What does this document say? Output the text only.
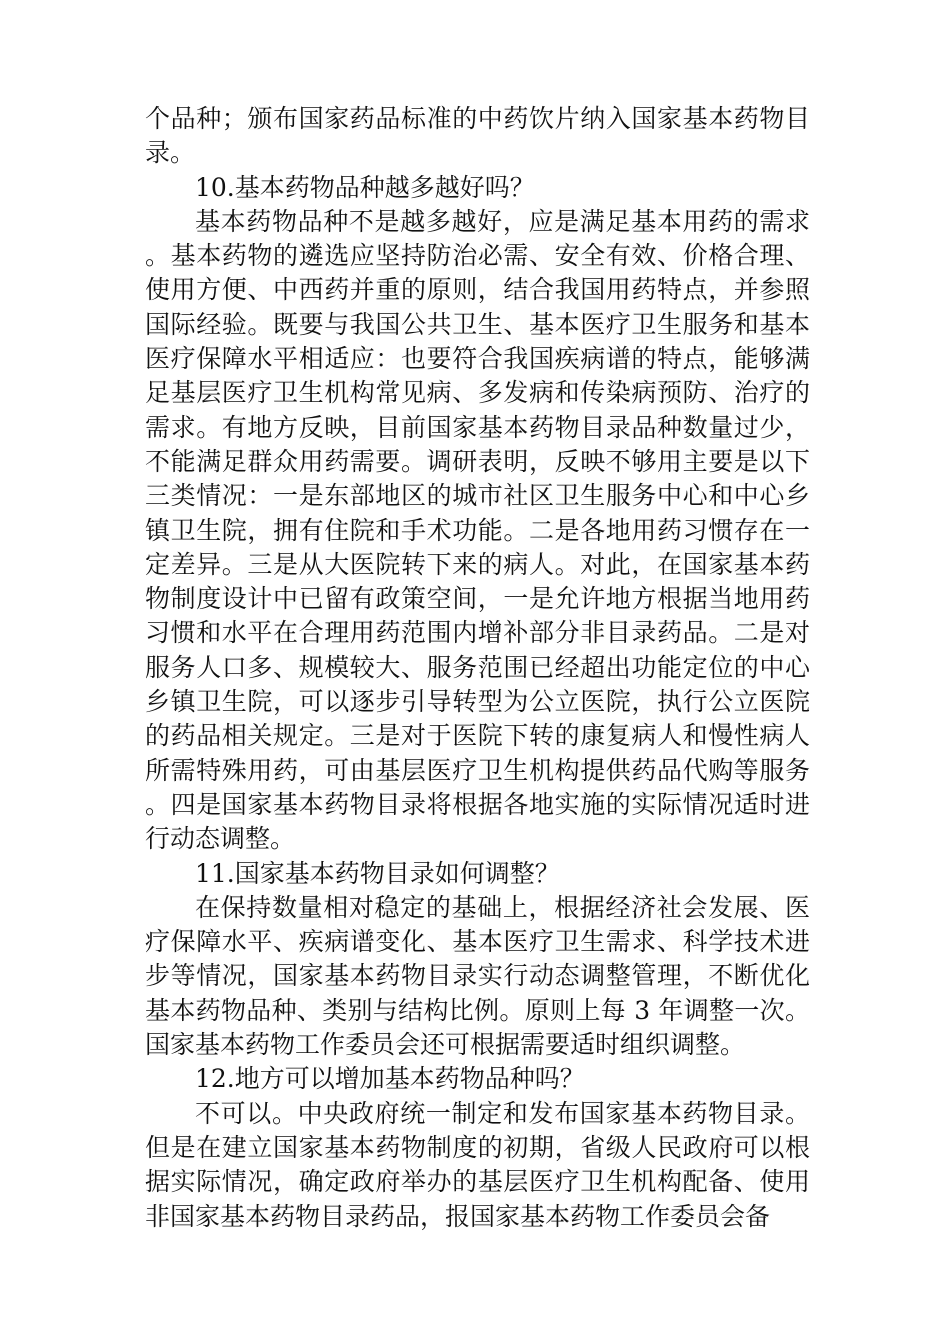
个品种；颁布国家药品标准的中药饮片纳入国家基本药物目录。

10.基本药物品种越多越好吗？

基本药物品种不是越多越好，应是满足基本用药的需求。基本药物的遴选应坚持防治必需、安全有效、价格合理、使用方便、中西药并重的原则，结合我国用药特点，并参照国际经验。既要与我国公共卫生、基本医疗卫生服务和基本医疗保障水平相适应：也要符合我国疾病谱的特点，能够满足基层医疗卫生机构常见病、多发病和传染病预防、治疗的需求。有地方反映，目前国家基本药物目录品种数量过少，不能满足群众用药需要。调研表明，反映不够用主要是以下三类情况：一是东部地区的城市社区卫生服务中心和中心乡镇卫生院，拥有住院和手术功能。二是各地用药习惯存在一定差异。三是从大医院转下来的病人。对此，在国家基本药物制度设计中已留有政策空间，一是允许地方根据当地用药习惯和水平在合理用药范围内增补部分非目录药品。二是对服务人口多、规模较大、服务范围已经超出功能定位的中心乡镇卫生院，可以逐步引导转型为公立医院，执行公立医院的药品相关规定。三是对于医院下转的康复病人和慢性病人所需特殊用药，可由基层医疗卫生机构提供药品代购等服务。四是国家基本药物目录将根据各地实施的实际情况适时进行动态调整。

11.国家基本药物目录如何调整？

在保持数量相对稳定的基础上，根据经济社会发展、医疗保障水平、疾病谱变化、基本医疗卫生需求、科学技术进步等情况，国家基本药物目录实行动态调整管理，不断优化基本药物品种、类别与结构比例。原则上每 3 年调整一次。国家基本药物工作委员会还可根据需要适时组织调整。

12.地方可以增加基本药物品种吗？

不可以。中央政府统一制定和发布国家基本药物目录。但是在建立国家基本药物制度的初期，省级人民政府可以根据实际情况，确定政府举办的基层医疗卫生机构配备、使用非国家基本药物目录药品，报国家基本药物工作委员会备
